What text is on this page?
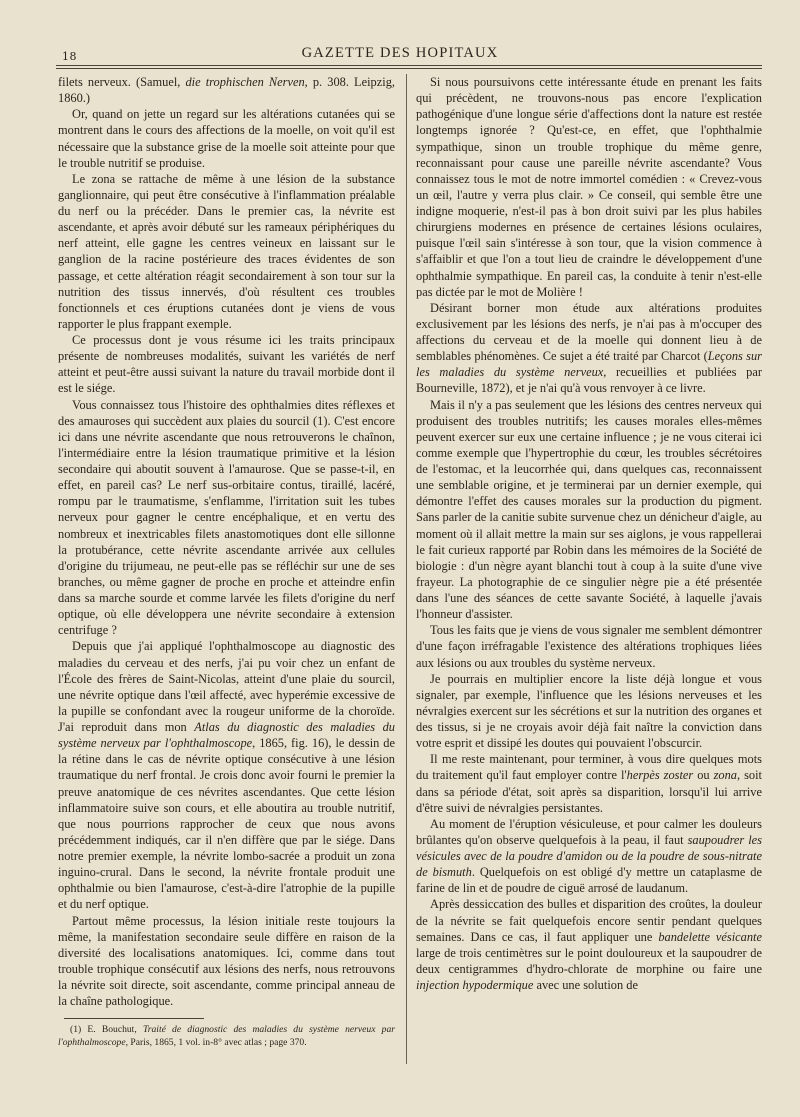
18	GAZETTE DES HOPITAUX

filets nerveux. (Samuel, die trophischen Nerven, p. 308. Leipzig, 1860.)

Or, quand on jette un regard sur les altérations cutanées qui se montrent dans le cours des affections de la moelle, on voit qu'il est nécessaire que la substance grise de la moelle soit atteinte pour que le trouble nutritif se produise.

Le zona se rattache de même à une lésion de la substance ganglionnaire, qui peut être consécutive à l'inflammation préalable du nerf ou la précéder. Dans le premier cas, la névrite est ascendante, et après avoir débuté sur les rameaux périphériques du nerf atteint, elle gagne les centres veineux en laissant sur le ganglion de la racine postérieure des traces évidentes de son passage, et cette altération réagit secondairement à son tour sur la nutrition des tissus innervés, d'où résultent ces troubles fonctionnels et ces éruptions cutanées dont je viens de vous rapporter le plus frappant exemple.

Ce processus dont je vous résume ici les traits principaux présente de nombreuses modalités, suivant les variétés de nerf atteint et peut-être aussi suivant la nature du travail morbide dont il est le siége.

Vous connaissez tous l'histoire des ophthalmies dites réflexes et des amauroses qui succèdent aux plaies du sourcil (1). C'est encore ici dans une névrite ascendante que nous retrouverons le chaînon, l'intermédiaire entre la lésion traumatique primitive et la lésion secondaire qui aboutit souvent à l'amaurose. Que se passe-t-il, en effet, en pareil cas? Le nerf sus-orbitaire contus, tiraillé, lacéré, rompu par le traumatisme, s'enflamme, l'irritation suit les tubes nerveux pour gagner le centre encéphalique, et en vertu des nombreux et inextricables filets anastomotiques dont elle sillonne la protubérance, cette névrite ascendante arrivée aux cellules d'origine du trijumeau, ne peut-elle pas se réfléchir sur une de ses branches, ou même gagner de proche en proche et atteindre enfin dans sa marche sourde et comme larvée les filets d'origine du nerf optique, où elle développera une névrite secondaire à extension centrifuge ?

Depuis que j'ai appliqué l'ophthalmoscope au diagnostic des maladies du cerveau et des nerfs, j'ai pu voir chez un enfant de l'École des frères de Saint-Nicolas, atteint d'une plaie du sourcil, une névrite optique dans l'œil affecté, avec hyperémie excessive de la pupille se confondant avec la rougeur uniforme de la choroïde. J'ai reproduit dans mon Atlas du diagnostic des maladies du système nerveux par l'ophthalmoscope, 1865, fig. 16), le dessin de la rétine dans le cas de névrite optique consécutive à une lésion traumatique du nerf frontal. Je crois donc avoir fourni le premier la preuve anatomique de ces névrites ascendantes. Que cette lésion inflammatoire suive son cours, et elle aboutira au trouble nutritif, que nous pourrions rapprocher de ceux que nous avons précédemment indiqués, car il n'en diffère que par le siége. Dans notre premier exemple, la névrite lombo-sacrée a produit un zona inguino-crural. Dans le second, la névrite frontale produit une ophthalmie ou bien l'amaurose, c'est-à-dire l'atrophie de la pupille et du nerf optique.

Partout même processus, la lésion initiale reste toujours la même, la manifestation secondaire seule diffère en raison de la diversité des localisations anatomiques. Ici, comme dans tout trouble trophique consécutif aux lésions des nerfs, nous retrouvons la névrite soit directe, soit ascendante, comme principal anneau de la chaîne pathologique.

(1) E. Bouchut, Traité de diagnostic des maladies du système nerveux par l'ophthalmoscope, Paris, 1865, 1 vol. in-8° avec atlas ; page 370.

Si nous poursuivons cette intéressante étude en prenant les faits qui précèdent, ne trouvons-nous pas encore l'explication pathogénique d'une longue série d'affections dont la nature est restée longtemps ignorée ? Qu'est-ce, en effet, que l'ophthalmie sympathique, sinon un trouble trophique du même genre, reconnaissant pour cause une pareille névrite ascendante? Vous connaissez tous le mot de notre immortel comédien : « Crevez-vous un œil, l'autre y verra plus clair. » Ce conseil, qui semble être une indigne moquerie, n'est-il pas à bon droit suivi par les plus habiles chirurgiens modernes en présence de certaines lésions oculaires, puisque l'œil sain s'intéresse à son tour, que la vision commence à s'affaiblir et que l'on a tout lieu de craindre le développement d'une ophthalmie sympathique. En pareil cas, la conduite à tenir n'est-elle pas dictée par le mot de Molière !

Désirant borner mon étude aux altérations produites exclusivement par les lésions des nerfs, je n'ai pas à m'occuper des affections du cerveau et de la moelle qui donnent lieu à de semblables phénomènes. Ce sujet a été traité par Charcot (Leçons sur les maladies du système nerveux, recueillies et publiées par Bourneville, 1872), et je n'ai qu'à vous renvoyer à ce livre.

Mais il n'y a pas seulement que les lésions des centres nerveux qui produisent des troubles nutritifs; les causes morales elles-mêmes peuvent exercer sur eux une certaine influence ; je ne vous citerai ici comme exemple que l'hypertrophie du cœur, les troubles sécrétoires de l'estomac, et la leucorrhée qui, dans quelques cas, reconnaissent une semblable origine, et je terminerai par un dernier exemple, qui démontre l'effet des causes morales sur la production du pigment. Sans parler de la canitie subite survenue chez un dénicheur d'aigle, au moment où il allait mettre la main sur ses aiglons, je vous rappellerai le fait curieux rapporté par Robin dans les mémoires de la Société de biologie : d'un nègre ayant blanchi tout à coup à la suite d'une vive frayeur. La photographie de ce singulier nègre pie a été présentée dans l'une des séances de cette savante Société, à laquelle j'avais l'honneur d'assister.

Tous les faits que je viens de vous signaler me semblent démontrer d'une façon irréfragable l'existence des altérations trophiques liées aux lésions ou aux troubles du système nerveux.

Je pourrais en multiplier encore la liste déjà longue et vous signaler, par exemple, l'influence que les lésions nerveuses et les névralgies exercent sur les sécrétions et sur la nutrition des organes et des tissus, si je ne croyais avoir déjà fait naître la conviction dans votre esprit et dissipé les doutes qui pouvaient l'obscurcir.

Il me reste maintenant, pour terminer, à vous dire quelques mots du traitement qu'il faut employer contre l'herpès zoster ou zona, soit dans sa période d'état, soit après sa disparition, lorsqu'il lui arrive d'être suivi de névralgies persistantes.

Au moment de l'éruption vésiculeuse, et pour calmer les douleurs brûlantes qu'on observe quelquefois à la peau, il faut saupoudrer les vésicules avec de la poudre d'amidon ou de la poudre de sous-nitrate de bismuth. Quelquefois on est obligé d'y mettre un cataplasme de farine de lin et de poudre de ciguë arrosé de laudanum.

Après dessiccation des bulles et disparition des croûtes, la douleur de la névrite se fait quelquefois encore sentir pendant quelques semaines. Dans ce cas, il faut appliquer une bandelette vésicante large de trois centimètres sur le point douloureux et la saupoudrer de deux centigrammes d'hydro-chlorate de morphine ou faire une injection hypodermique avec une solution de
